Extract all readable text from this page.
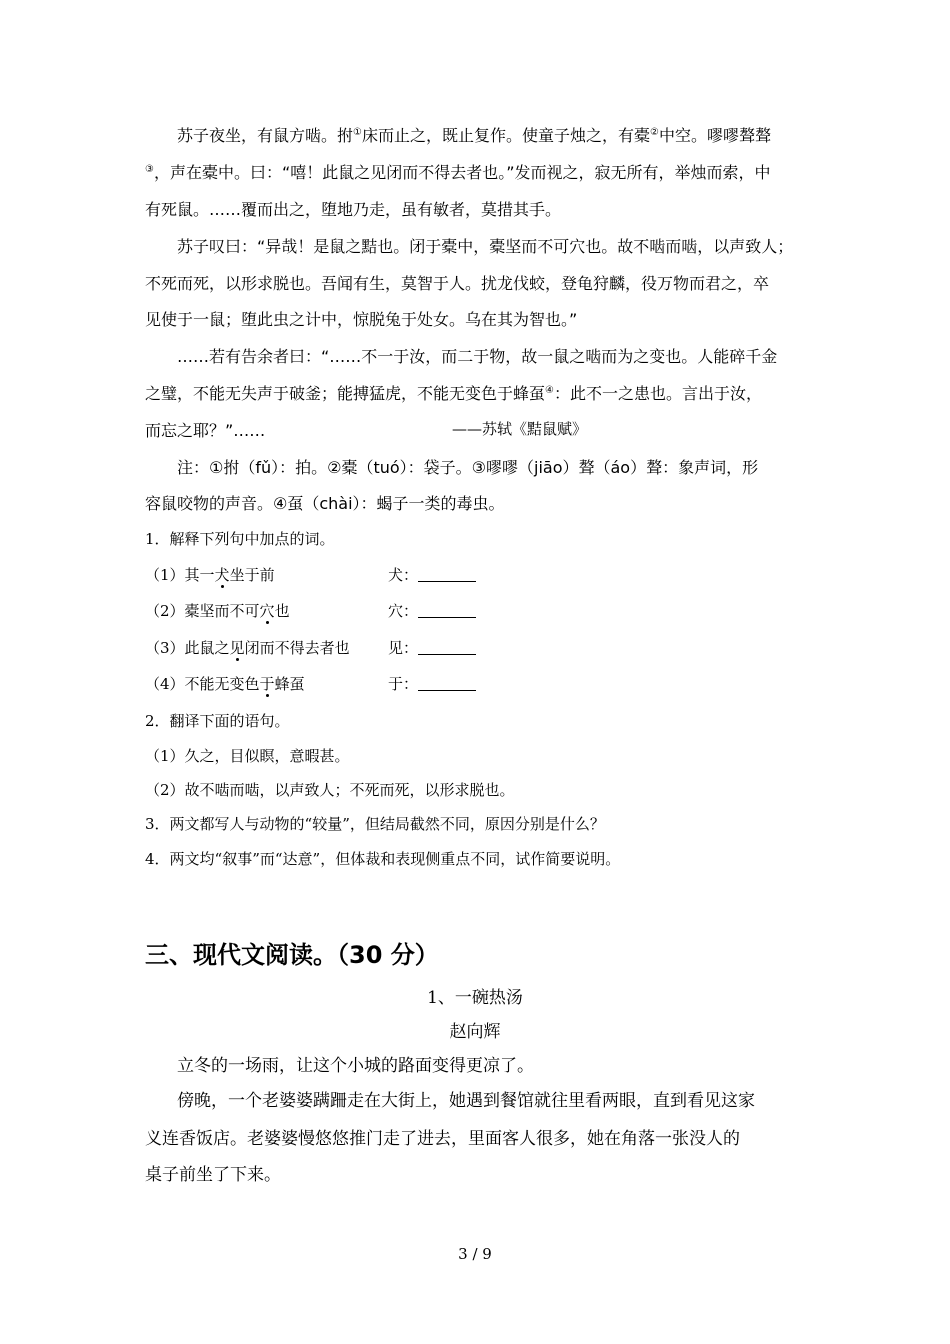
苏子夜坐，有鼠方啮。拊①床而止之，既止复作。使童子烛之，有橐②中空。嘐嘐聱聱
③，声在橐中。曰：“嘻！此鼠之见闭而不得去者也。”发而视之，寂无所有，举烛而索，中
有死鼠。……覆而出之，堕地乃走，虽有敏者，莫措其手。
苏子叹曰：“异哉！是鼠之黠也。闭于橐中，橐坚而不可穴也。故不啮而啮，以声致人；
不死而死，以形求脱也。吾闻有生，莫智于人。扰龙伐蛟，登龟狩麟，役万物而君之，卒
见使于一鼠；堕此虫之计中，惊脱兔于处女。乌在其为智也。”
……若有告余者曰：“……不一于汝，而二于物，故一鼠之啮而为之变也。人能碎千金
之璧，不能无失声于破釜；能搏猛虎，不能无变色于蜂虿④：此不一之患也。言出于汝，
而忘之耶？”……	——苏轼《黠鼠赋》
注：①拊（fǔ）：拍。②橐（tuó）：袋子。③嘐嘐（jiāo）聱（áo）聱：象声词，形
容鼠咬物的声音。④虿（chài）：蝎子一类的毒虫。
1．解释下列句中加点的词。
（1）其一犬坐于前	犬：
（2）橐坚而不可穴也	穴：
（3）此鼠之见闭而不得去者也	见：
（4）不能无变色于蜂虿	于：
2．翻译下面的语句。
（1）久之，目似瞑，意暇甚。
（2）故不啮而啮，以声致人；不死而死，以形求脱也。
3．两文都写人与动物的“较量”，但结局截然不同，原因分别是什么？
4．两文均“叙事”而“达意”，但体裁和表现侧重点不同，试作简要说明。
三、现代文阅读。（30 分）
1、一碗热汤
赵向辉
立冬的一场雨，让这个小城的路面变得更凉了。
傍晚，一个老婆婆蹒跚走在大街上，她遇到餐馆就往里看两眼，直到看见这家
义连香饭店。老婆婆慢悠悠推门走了进去，里面客人很多，她在角落一张没人的
桌子前坐了下来。
3 / 9
